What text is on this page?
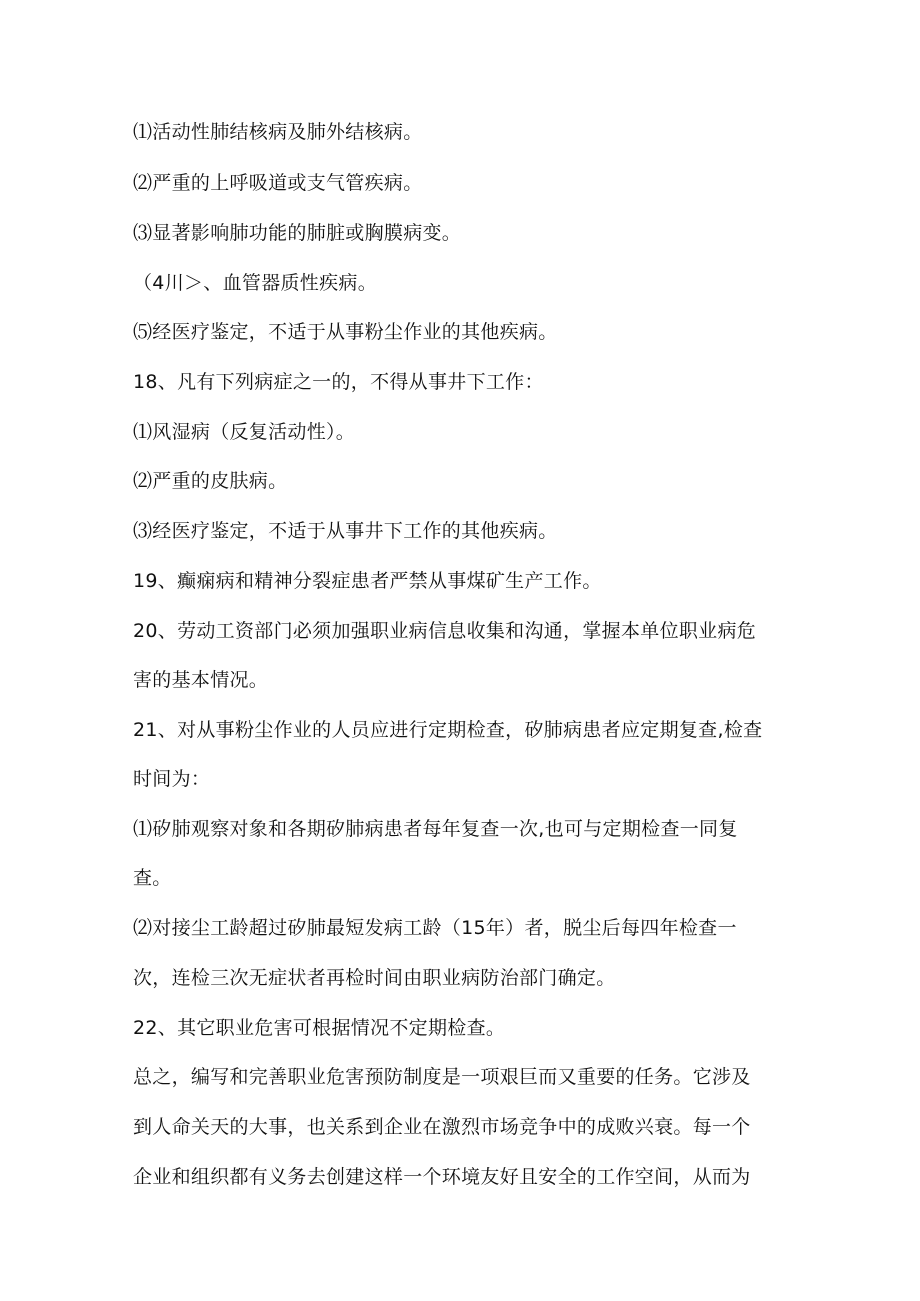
⑴活动性肺结核病及肺外结核病。
⑵严重的上呼吸道或支气管疾病。
⑶显著影响肺功能的肺脏或胸膜病变。
（4川＞、血管器质性疾病。
⑸经医疗鉴定，不适于从事粉尘作业的其他疾病。
18、凡有下列病症之一的，不得从事井下工作：
⑴风湿病（反复活动性）。
⑵严重的皮肤病。
⑶经医疗鉴定，不适于从事井下工作的其他疾病。
19、癫痫病和精神分裂症患者严禁从事煤矿生产工作。
20、劳动工资部门必须加强职业病信息收集和沟通，掌握本单位职业病危
害的基本情况。
21、对从事粉尘作业的人员应进行定期检查，矽肺病患者应定期复查,检查
时间为：
⑴矽肺观察对象和各期矽肺病患者每年复查一次,也可与定期检查一同复
查。
⑵对接尘工龄超过矽肺最短发病工龄（15年）者，脱尘后每四年检查一
次，连检三次无症状者再检时间由职业病防治部门确定。
22、其它职业危害可根据情况不定期检查。
总之，编写和完善职业危害预防制度是一项艰巨而又重要的任务。它涉及
到人命关天的大事，也关系到企业在激烈市场竞争中的成败兴衰。每一个
企业和组织都有义务去创建这样一个环境友好且安全的工作空间，从而为
